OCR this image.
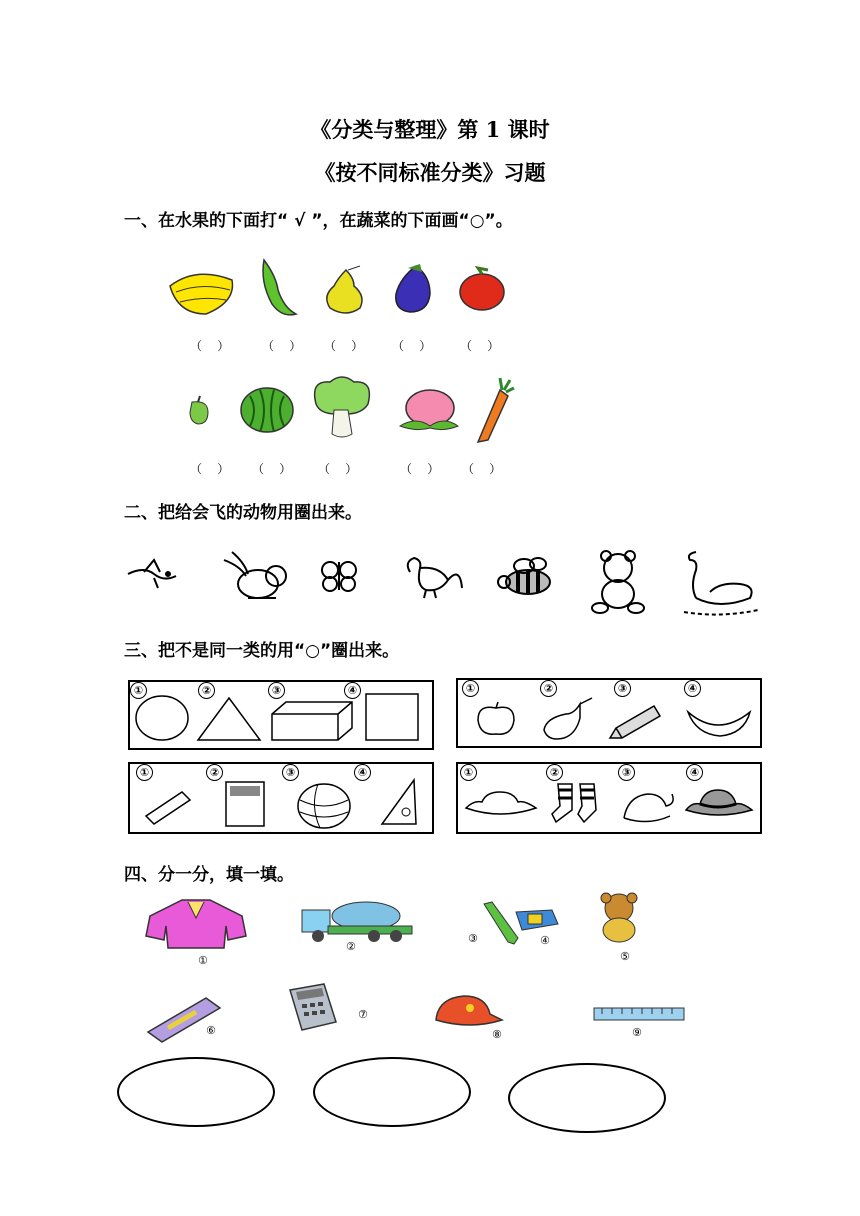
《分类与整理》第 1 课时
《按不同标准分类》习题
一、在水果的下面打“ √ ”，在蔬菜的下面画“○”。
（    ）	（    ） （    ） （    ） （    ）
（    ） （    ） （    ）	（    ） （    ）
二、把给会飞的动物用圈出来。
三、把不是同一类的用“○”圈出来。
①	②	③	④	①	②	③	④
①	②	③	④	①	②	③	④
四、分一分，填一填。
①
②
③	④
⑤
⑥
⑦
⑧	⑨
